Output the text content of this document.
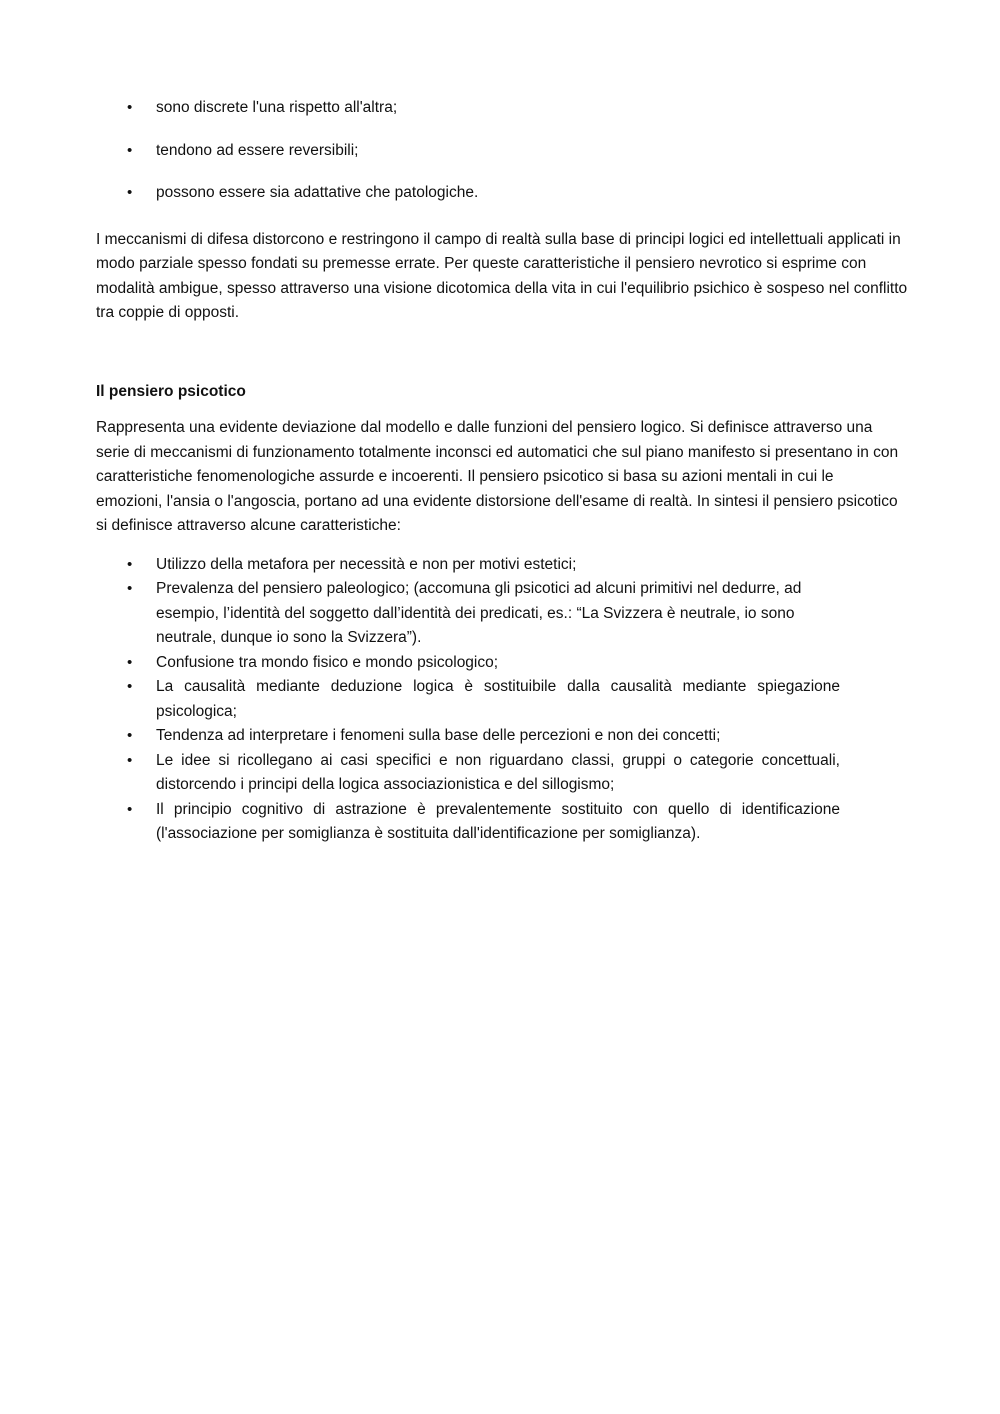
• sono discrete l'una rispetto all'altra;
• tendono ad essere reversibili;
• possono essere sia adattative che patologiche.

I meccanismi di difesa distorcono e restringono il campo di realtà sulla base di principi logici ed intellettuali applicati in modo parziale spesso fondati su premesse errate. Per queste caratteristiche il pensiero nevrotico si esprime con modalità ambigue, spesso attraverso una visione dicotomica della vita in cui l'equilibrio psichico è sospeso nel conflitto tra coppie di opposti.

Il pensiero psicotico

Rappresenta una evidente deviazione dal modello e dalle funzioni del pensiero logico. Si definisce attraverso una serie di meccanismi di funzionamento totalmente inconsci ed automatici che sul piano manifesto si presentano in con caratteristiche fenomenologiche assurde e incoerenti. Il pensiero psicotico si basa su azioni mentali in cui le emozioni, l'ansia o l'angoscia, portano ad una evidente distorsione dell'esame di realtà. In sintesi il pensiero psicotico si definisce attraverso alcune caratteristiche:

• Utilizzo della metafora per necessità e non per motivi estetici;
• Prevalenza del pensiero paleologico; (accomuna gli psicotici ad alcuni primitivi nel dedurre, ad esempio, l’identità del soggetto dall’identità dei predicati, es.: “La Svizzera è neutrale, io sono neutrale, dunque io sono la Svizzera”).
• Confusione tra mondo fisico e mondo psicologico;
• La causalità mediante deduzione logica è sostituibile dalla causalità mediante spiegazione psicologica;
• Tendenza ad interpretare i fenomeni sulla base delle percezioni e non dei concetti;
• Le idee si ricollegano ai casi specifici e non riguardano classi, gruppi o categorie concettuali, distorcendo i principi della logica associazionistica e del sillogismo;
• Il principio cognitivo di astrazione è prevalentemente sostituito con quello di identificazione (l'associazione per somiglianza è sostituita dall'identificazione per somiglianza).
